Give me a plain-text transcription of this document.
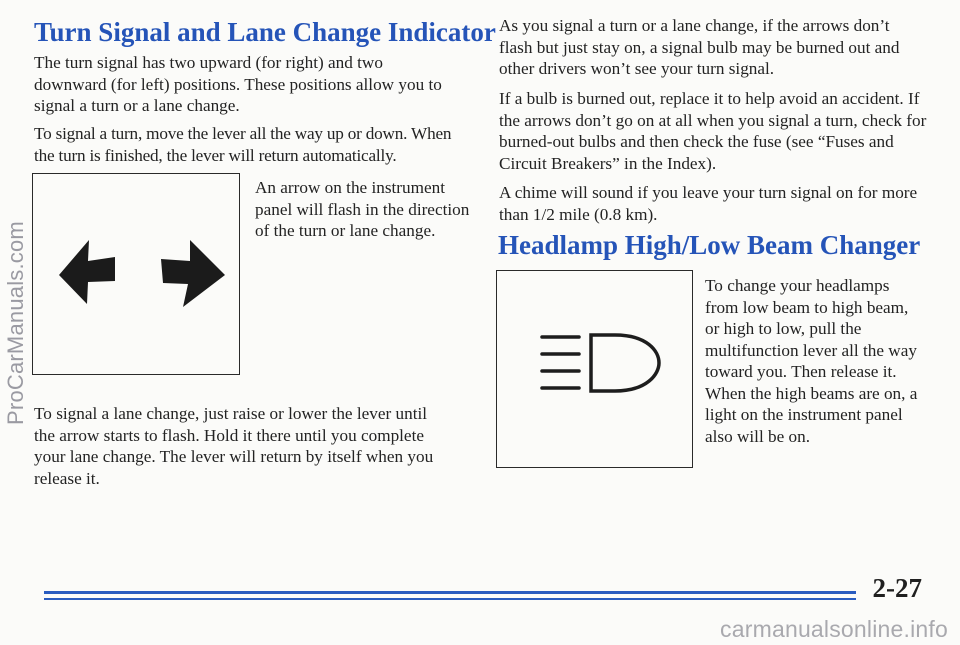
ProCarManuals.com
Turn Signal and Lane Change Indicator

The turn signal has two upward (for right) and two downward (for left) positions. These positions allow you to signal a turn or a lane change.

To signal a turn, move the lever all the way up or down. When the turn is finished, the lever will return automatically.

An arrow on the instrument panel will flash in the direction of the turn or lane change.

To signal a lane change, just raise or lower the lever until the arrow starts to flash. Hold it there until you complete your lane change. The lever will return by itself when you release it.

As you signal a turn or a lane change, if the arrows don’t flash but just stay on, a signal bulb may be burned out and other drivers won’t see your turn signal.

If a bulb is burned out, replace it to help avoid an accident. If the arrows don’t go on at all when you signal a turn, check for burned-out bulbs and then check the fuse (see “Fuses and Circuit Breakers” in the Index).

A chime will sound if you leave your turn signal on for more than 1/2 mile (0.8 km).

Headlamp High/Low Beam Changer

To change your headlamps from low beam to high beam, or high to low, pull the multifunction lever all the way toward you. Then release it. When the high beams are on, a light on the instrument panel also will be on.

2-27
carmanualsonline.info
